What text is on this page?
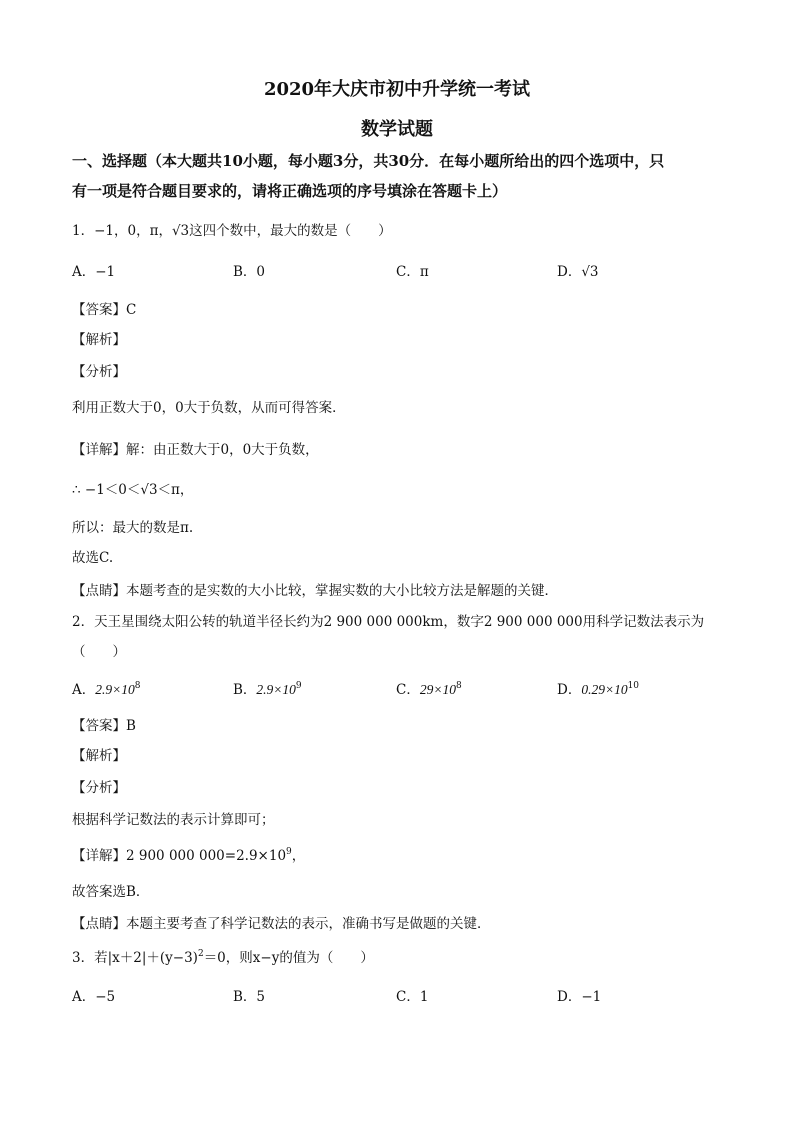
2020年大庆市初中升学统一考试
数学试题
一、选择题（本大题共10小题，每小题3分，共30分．在每小题所给出的四个选项中，只
有一项是符合题目要求的，请将正确选项的序号填涂在答题卡上）
1．−1，0，π，√3这四个数中，最大的数是（　　）
A．−1	B．0	C．π	D．√3
【答案】C
【解析】
【分析】
利用正数大于0，0大于负数，从而可得答案．
【详解】解：由正数大于0，0大于负数，
∴ −1＜0＜√3＜π，
所以：最大的数是π.
故选C.
【点睛】本题考查的是实数的大小比较，掌握实数的大小比较方法是解题的关键．
2．天王星围绕太阳公转的轨道半径长约为2 900 000 000km，数字2 900 000 000用科学记数法表示为
（　　）
A．$2.9\times 10^8$	B．$2.9\times 10^9$	C．$29\times 10^8$	D．$0.29\times 10^{10}$
【答案】B
【解析】
【分析】
根据科学记数法的表示计算即可；
【详解】2 900 000 $000=2.9\times 10^9$，
故答案选B．
【点睛】本题主要考查了科学记数法的表示，准确书写是做题的关键．
3．若$|x+2|+(y-3)^2=0$，则x−y的值为（　　）
A．−5	B．5	C．1	D．−1
